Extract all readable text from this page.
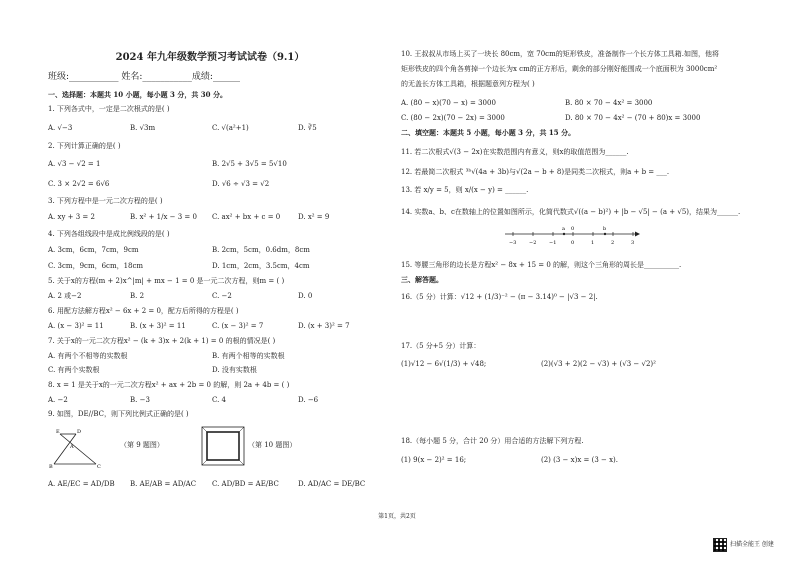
2024 年九年级数学预习考试试卷（9.1）
班级:___________ 姓名:___________成绩:______
一、选择题：本题共 10 小题，每小题 3 分，共 30 分。
1. 下列各式中，一定是二次根式的是( )
A. √−3	B. √3m	C. √(a²+1)	D. ∛5
2. 下列计算正确的是( )
A. √3 − √2 = 1	B. 2√5 + 3√5 = 5√10
C. 3 × 2√2 = 6√6	D. √6 ÷ √3 = √2
3. 下列方程中是一元二次方程的是( )
A. xy + 3 = 2	B. x² + 1/x − 3 = 0 C. ax² + bx + c = 0	D. x² = 9
4. 下列各组线段中是成比例线段的是( )
A. 3cm，6cm，7cm，9cm	B. 2cm，5cm，0.6dm，8cm
C. 3cm，9cm，6cm，18cm	D. 1cm，2cm，3.5cm，4cm
5. 关于x的方程(m + 2)x^|m| + mx − 1 = 0 是一元二次方程，则m = ( )
A. 2 或−2	B. 2	C. −2	D. 0
6. 用配方法解方程x² − 6x + 2 = 0，配方后所得的方程是( )
A. (x − 3)² = 11	B. (x + 3)² = 11	C. (x − 3)² = 7	D. (x + 3)² = 7
7. 关于x的一元二次方程x² − (k + 3)x + 2(k + 1) = 0 的根的情况是( )
A. 有两个不相等的实数根	B. 有两个相等的实数根
C. 有两个实数根	D. 没有实数根
8. x = 1 是关于x的一元二次方程x² + ax + 2b = 0 的解，则 2a + 4b = ( )
A. −2	B. −3	C. 4	D. −6
9. 如图，DE//BC，则下列比例式正确的是( )
E	D
A
B	C
（第 9 题图）	（第 10 题图）
A. AE/EC = AD/DB B. AE/AB = AD/AC C. AD/BD = AE/BC	D. AD/AC = DE/BC
10. 王叔叔从市场上买了一块长 80cm，宽 70cm的矩形铁皮，准备制作一个长方体工具箱.如图，他将
矩形铁皮的四个角各剪掉一个边长为x cm的正方形后，剩余的部分刚好能围成一个底面积为 3000cm²
的无盖长方体工具箱，根据题意列方程为( )
A. (80 − x)(70 − x) = 3000	B. 80 × 70 − 4x² = 3000
C. (80 − 2x)(70 − 2x) = 3000	D. 80 × 70 − 4x² − (70 + 80)x = 3000
二、填空题：本题共 5 小题，每小题 3 分，共 15 分。
11. 若二次根式√(3 − 2x)在实数范围内有意义，则x的取值范围为______.
12. 若最简二次根式 ³ᵇ√(4a + 3b)与√(2a − b + 8)是同类二次根式，则a + b = ___.
13. 若 x/y = 5，则 x/(x − y) = ______.
14. 实数a、b、c在数轴上的位置如图所示，化简代数式√((a − b)²) + |b − √5| − (a + √5)，结果为______.
a 0	b
−3	−2	−1	0	1	2	3
15. 等腰三角形的边长是方程x² − 8x + 15 = 0 的解，则这个三角形的周长是__________.
三、解答题。
16.（5 分）计算：√12 + (1/3)⁻² − (π − 3.14)⁰ − |√3 − 2|.
17.（5 分+5 分）计算：
(1)√12 − 6√(1/3) + √48;	(2)(√3 + 2)(2 − √3) + (√3 − √2)²
18.（每小题 5 分，合计 20 分）用合适的方法解下列方程.
(1) 9(x − 2)² = 16;	(2) (3 − x)x = (3 − x).
第1页，共2页
扫描全能王 创建
